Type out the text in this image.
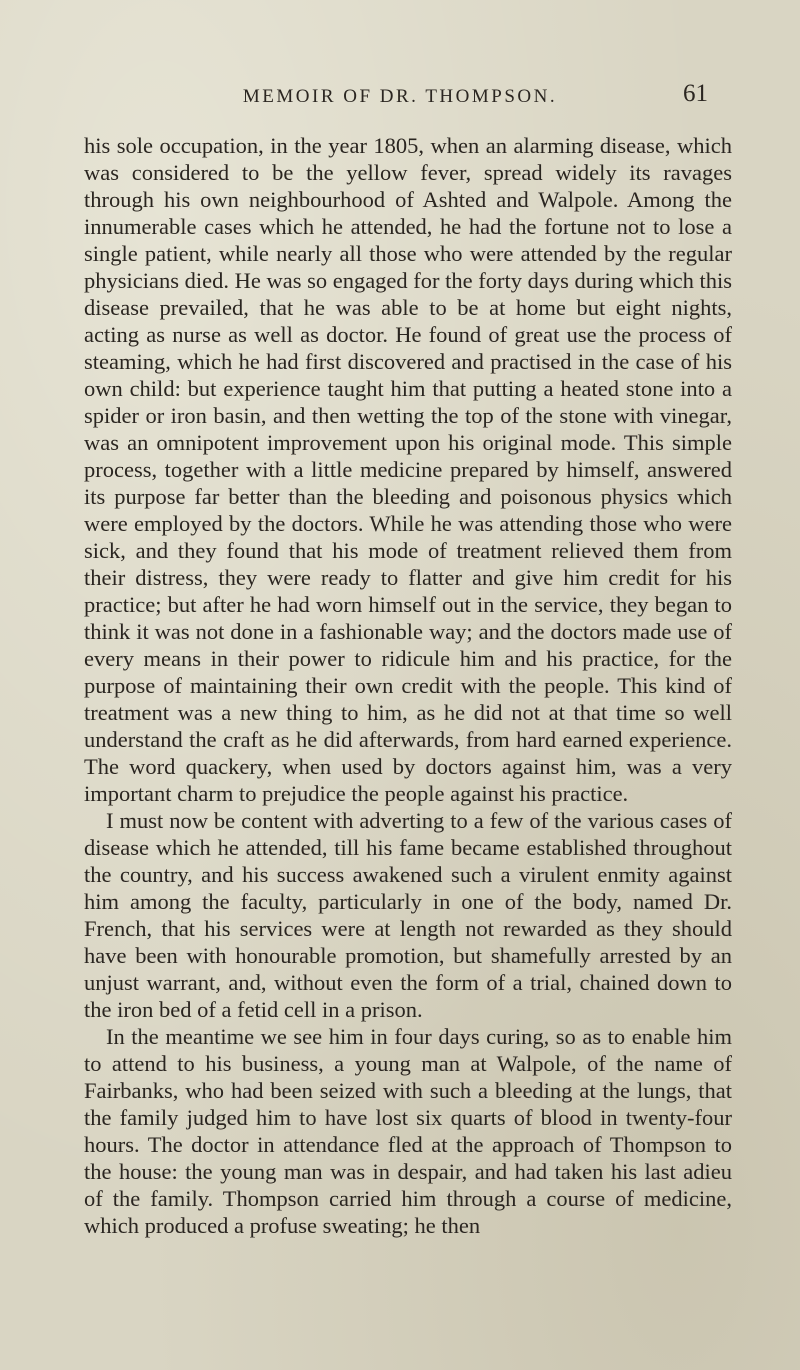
MEMOIR OF DR. THOMPSON.	61

his sole occupation, in the year 1805, when an alarming disease, which was considered to be the yellow fever, spread widely its ravages through his own neighbourhood of Ashted and Walpole. Among the innumerable cases which he attended, he had the fortune not to lose a single patient, while nearly all those who were attended by the regular physicians died. He was so engaged for the forty days during which this disease prevailed, that he was able to be at home but eight nights, acting as nurse as well as doctor. He found of great use the process of steaming, which he had first discovered and practised in the case of his own child: but experience taught him that putting a heated stone into a spider or iron basin, and then wetting the top of the stone with vinegar, was an omnipotent improvement upon his original mode. This simple process, together with a little medicine prepared by himself, answered its purpose far better than the bleeding and poisonous physics which were employed by the doctors. While he was attending those who were sick, and they found that his mode of treatment relieved them from their distress, they were ready to flatter and give him credit for his practice; but after he had worn himself out in the service, they began to think it was not done in a fashionable way; and the doctors made use of every means in their power to ridicule him and his practice, for the purpose of maintaining their own credit with the people. This kind of treatment was a new thing to him, as he did not at that time so well understand the craft as he did afterwards, from hard earned experience. The word quackery, when used by doctors against him, was a very important charm to prejudice the people against his practice.

I must now be content with adverting to a few of the various cases of disease which he attended, till his fame became established throughout the country, and his success awakened such a virulent enmity against him among the faculty, particularly in one of the body, named Dr. French, that his services were at length not rewarded as they should have been with honourable promotion, but shamefully arrested by an unjust warrant, and, without even the form of a trial, chained down to the iron bed of a fetid cell in a prison.

In the meantime we see him in four days curing, so as to enable him to attend to his business, a young man at Walpole, of the name of Fairbanks, who had been seized with such a bleeding at the lungs, that the family judged him to have lost six quarts of blood in twenty-four hours. The doctor in attendance fled at the approach of Thompson to the house: the young man was in despair, and had taken his last adieu of the family. Thompson carried him through a course of medicine, which produced a profuse sweating; he then
